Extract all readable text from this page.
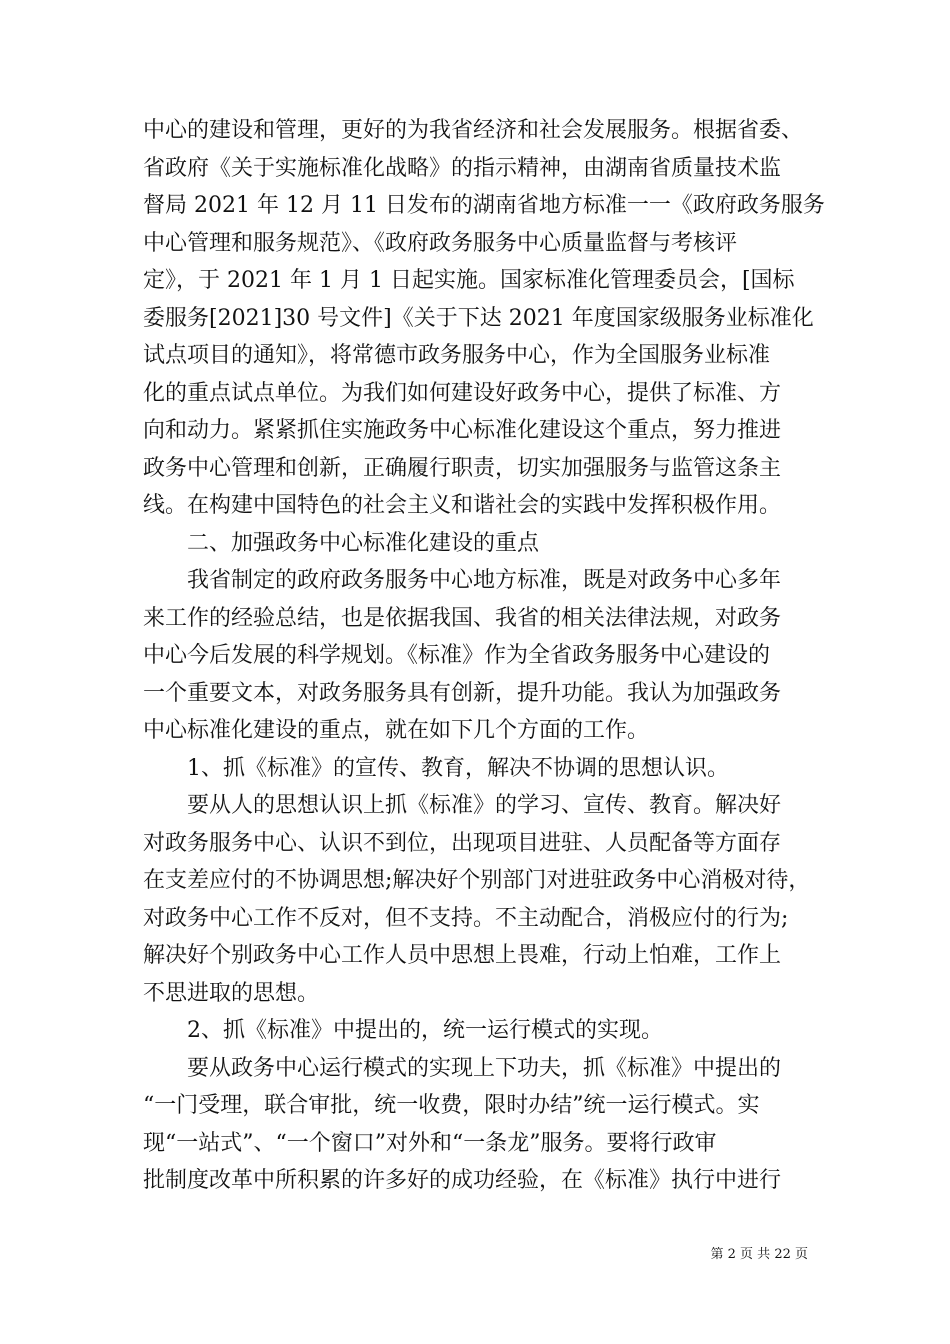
中心的建设和管理，更好的为我省经济和社会发展服务。根据省委、
省政府《关于实施标准化战略》的指示精神，由湖南省质量技术监
督局 2021 年 12 月 11 日发布的湖南省地方标准一一《政府政务服务
中心管理和服务规范》、《政府政务服务中心质量监督与考核评
定》，于 2021 年 1 月 1 日起实施。国家标准化管理委员会，[国标
委服务[2021]30 号文件]《关于下达 2021 年度国家级服务业标准化
试点项目的通知》，将常德市政务服务中心，作为全国服务业标准
化的重点试点单位。为我们如何建设好政务中心，提供了标准、方
向和动力。紧紧抓住实施政务中心标准化建设这个重点，努力推进
政务中心管理和创新，正确履行职责，切实加强服务与监管这条主
线。在构建中国特色的社会主义和谐社会的实践中发挥积极作用。
　　二、加强政务中心标准化建设的重点
　　我省制定的政府政务服务中心地方标准，既是对政务中心多年
来工作的经验总结，也是依据我国、我省的相关法律法规，对政务
中心今后发展的科学规划。《标准》作为全省政务服务中心建设的
一个重要文本，对政务服务具有创新，提升功能。我认为加强政务
中心标准化建设的重点，就在如下几个方面的工作。
　　1、抓《标准》的宣传、教育，解决不协调的思想认识。
　　要从人的思想认识上抓《标准》的学习、宣传、教育。解决好
对政务服务中心、认识不到位，出现项目进驻、人员配备等方面存
在支差应付的不协调思想;解决好个别部门对进驻政务中心消极对待，
对政务中心工作不反对，但不支持。不主动配合，消极应付的行为;
解决好个别政务中心工作人员中思想上畏难，行动上怕难，工作上
不思进取的思想。
　　2、抓《标准》中提出的，统一运行模式的实现。
　　要从政务中心运行模式的实现上下功夫，抓《标准》中提出的
“一门受理，联合审批，统一收费，限时办结”统一运行模式。实
现“一站式”、“一个窗口”对外和“一条龙”服务。要将行政审
批制度改革中所积累的许多好的成功经验，在《标准》执行中进行
第 2 页 共 22 页
